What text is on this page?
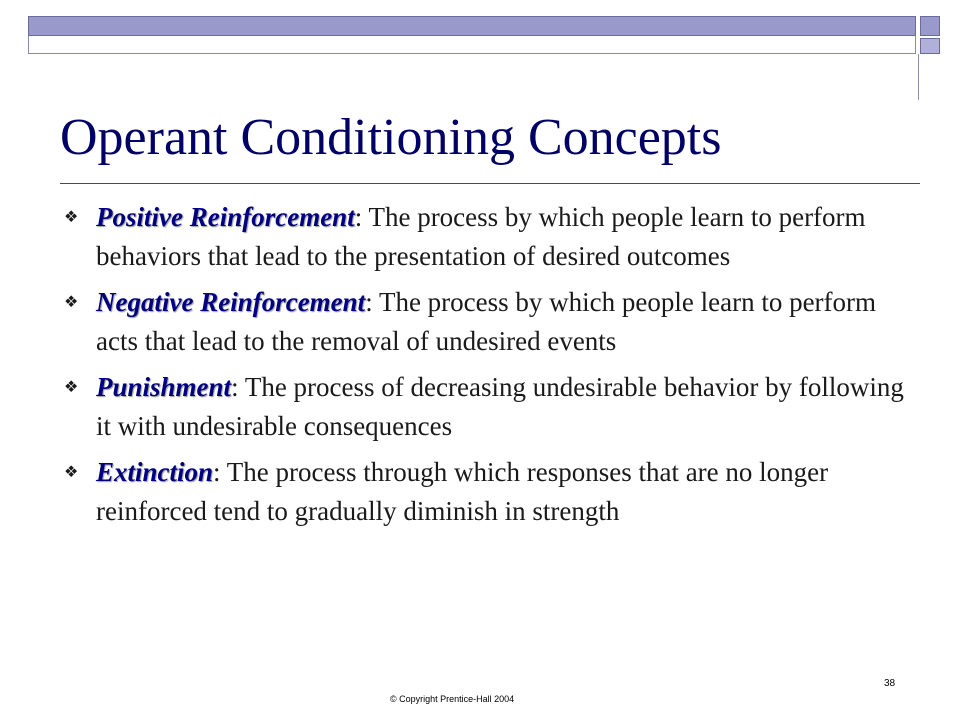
Operant Conditioning Concepts
❖ Positive Reinforcement: The process by which people learn to perform behaviors that lead to the presentation of desired outcomes
❖ Negative Reinforcement: The process by which people learn to perform acts that lead to the removal of undesired events
❖ Punishment: The process of decreasing undesirable behavior by following it with undesirable consequences
❖ Extinction: The process through which responses that are no longer reinforced tend to gradually diminish in strength
© Copyright Prentice-Hall 2004
38
